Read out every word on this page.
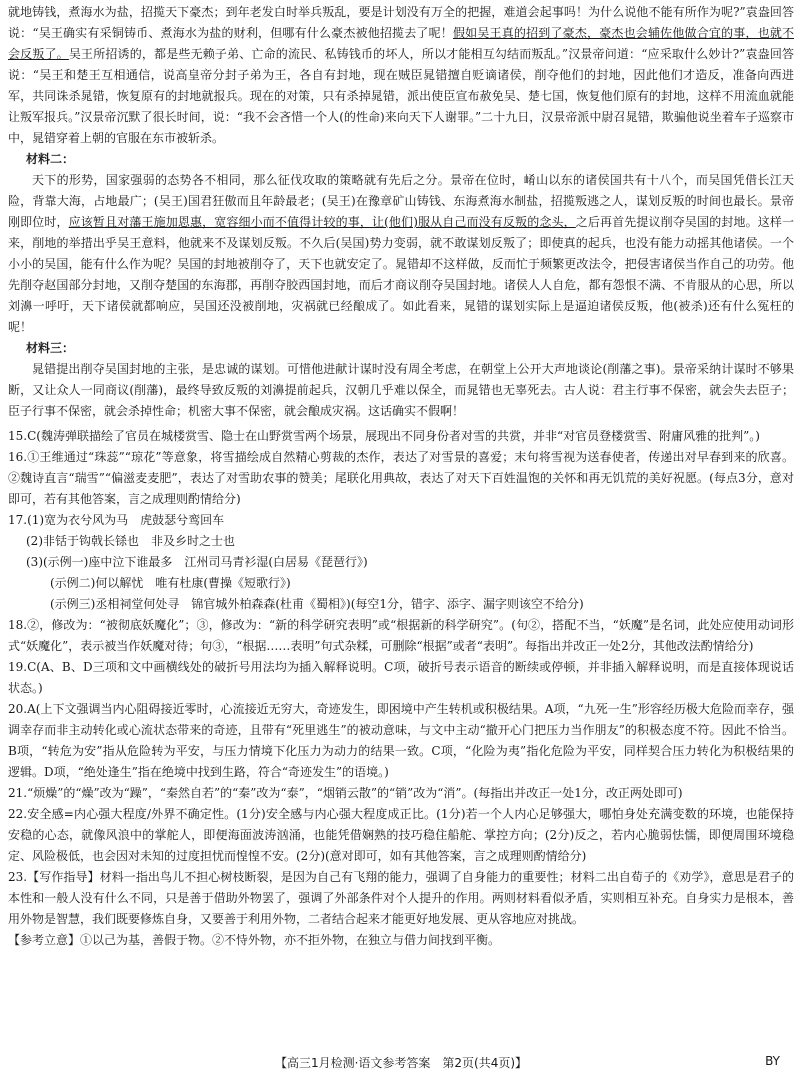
就地铸钱，煮海水为盐，招揽天下豪杰；到年老发白时举兵叛乱，要是计划没有万全的把握，难道会起事吗！为什么说他不能有所作为呢?”袁盎回答说：“吴王确实有采铜铸币、煮海水为盐的财利，但哪有什么豪杰被他招揽去了呢！假如吴王真的招到了豪杰，豪杰也会辅佐他做合宜的事，也就不会反叛了。吴王所招诱的，都是些无赖子弟、亡命的流民、私铸钱币的坏人，所以才能相互勾结而叛乱。”汉景帝问道：“应采取什么妙计?”袁盎回答说：“吴王和楚王互相通信，说高皇帝分封子弟为王，各自有封地，现在贼臣晁错擅自贬谪诸侯，削夺他们的封地，因此他们才造反，准备向西进军，共同诛杀晁错，恢复原有的封地就报兵。现在的对策，只有杀掉晁错，派出使臣宣布赦免吴、楚七国，恢复他们原有的封地，这样不用流血就能让叛军报兵。”汉景帝沉默了很长时间，说：“我不会吝惜一个人(的性命)来向天下人谢罪。”二十九日，汉景帝派中尉召晁错，欺骗他说坐着车子巡察市中，晁错穿着上朝的官服在东市被斩杀。

材料二：

天下的形势，国家强弱的态势各不相同，那么征伐攻取的策略就有先后之分。景帝在位时，崤山以东的诸侯国共有十八个，而吴国凭借长江天险，背靠大海，占地最广；(吴王)国君狂傲而且年龄最老；(吴王)在豫章矿山铸钱、东海煮海水制盐，招揽叛逃之人，谋划反叛的时间也最长。景帝刚即位时，应该暂且对藩王施加恩惠，宽容细小而不值得计较的事，让(他们)服从自己而没有反叛的念头，之后再首先提议削夺吴国的封地。这样一来，削地的举措出乎吴王意料，他就来不及谋划反叛。不久后(吴国)势力变弱，就不敢谋划反叛了；即使真的起兵，也没有能力动摇其他诸侯。一个小小的吴国，能有什么作为呢？吴国的封地被削夺了，天下也就安定了。晁错却不这样做，反而忙于频繁更改法令，把侵害诸侯当作自己的功劳。他先削夺赵国部分封地，又削夺楚国的东海郡，再削夺胶西国封地，而后才商议削夺吴国封地。诸侯人人自危，都有怨恨不满、不肯服从的心思，所以刘濞一呼吁，天下诸侯就都响应，吴国还没被削地，灾祸就已经酿成了。如此看来，晁错的谋划实际上是逼迫诸侯反叛，他(被杀)还有什么冤枉的呢！

材料三：

晁错提出削夺吴国封地的主张，是忠诚的谋划。可惜他进献计谋时没有周全考虑，在朝堂上公开大声地谈论(削藩之事)。景帝采纳计谋时不够果断，又让众人一同商议(削藩)，最终导致反叛的刘濞提前起兵，汉朝几乎难以保全，而晁错也无辜死去。古人说：君主行事不保密，就会失去臣子；臣子行事不保密，就会杀掉性命；机密大事不保密，就会酿成灾祸。这话确实不假啊！

15.C(魏涛弹联描绘了官员在城楼赏雪、隐士在山野赏雪两个场景，展现出不同身份者对雪的共赏，并非“对官员登楼赏雪、附庸风雅的批判”。)

16.①王维通过“珠蕊”“琼花”等意象，将雪描绘成自然精心剪裁的杰作，表达了对雪景的喜爱；末句将雪视为送春使者，传递出对早春到来的欣喜。②魏诗直言“瑞雪”“偏滋麦麦肥”，表达了对雪助农事的赞美；尾联化用典故，表达了对天下百姓温饱的关怀和再无饥荒的美好祝愿。(每点3分，意对即可，若有其他答案，言之成理则酌情给分)

17.(1)宽为衣兮风为马　虎鼓瑟兮鸾回车

(2)非铦于钩戟长铩也　非及乡时之士也

(3)(示例一)座中泣下谁最多　江州司马青衫湿(白居易《琵琶行》)

(示例二)何以解忧　唯有杜康(曹操《短歌行》)

(示例三)丞相祠堂何处寻　锦官城外柏森森(杜甫《蜀相》)(每空1分，错字、添字、漏字则该空不给分)

18.②，修改为：“被彻底妖魔化”；③，修改为：“新的科学研究表明”或“根据新的科学研究”。(句②，搭配不当，“妖魔”是名词，此处应使用动词形式“妖魔化”，表示被当作妖魔对待；句③，“根据……表明”句式杂糅，可删除“根据”或者“表明”。每指出并改正一处2分，其他改法酌情给分)

19.C(A、B、D三项和文中画横线处的破折号用法均为插入解释说明。C项，破折号表示语音的断续或停顿，并非插入解释说明，而是直接体现说话状态。)

20.A(上下文强调当内心阻碍接近零时，心流接近无穷大，奇迹发生，即困境中产生转机或积极结果。A项，“九死一生”形容经历极大危险而幸存，强调幸存而非主动转化或心流状态带来的奇迹，且带有“死里逃生”的被动意味，与文中主动“撤开心门把压力当作朋友”的积极态度不符。因此不恰当。B项，“转危为安”指从危险转为平安，与压力情境下化压力为动力的结果一致。C项，“化险为夷”指化危险为平安，同样契合压力转化为积极结果的逻辑。D项，“绝处逢生”指在绝境中找到生路，符合“奇迹发生”的语境。)

21.“烦燥”的“燥”改为“躁”，“秦然自若”的“秦”改为“泰”，“烟销云散”的“销”改为“消”。(每指出并改正一处1分，改正两处即可)

22.安全感=内心强大程度/外界不确定性。(1分)安全感与内心强大程度成正比。(1分)若一个人内心足够强大，哪怕身处充满变数的环境，也能保持安稳的心态，就像风浪中的掌舵人，即便海面波涛汹涌，也能凭借娴熟的技巧稳住船舵、掌控方向；(2分)反之，若内心脆弱怯懦，即便周围环境稳定、风险极低，也会因对未知的过度担忧而惶惶不安。(2分)(意对即可，如有其他答案，言之成理则酌情给分)

23.【写作指导】材料一指出鸟儿不担心树枝断裂，是因为自己有飞翔的能力，强调了自身能力的重要性；材料二出自荀子的《劝学》，意思是君子的本性和一般人没有什么不同，只是善于借助外物罢了，强调了外部条件对个人提升的作用。两则材料看似矛盾，实则相互补充。自身实力是根本，善用外物是智慧，我们既要修炼自身，又要善于利用外物，二者结合起来才能更好地发展、更从容地应对挑战。

【参考立意】①以己为基，善假于物。②不恃外物，亦不拒外物，在独立与借力间找到平衡。

【高三1月检测·语文参考答案　第2页(共4页)】	BY
